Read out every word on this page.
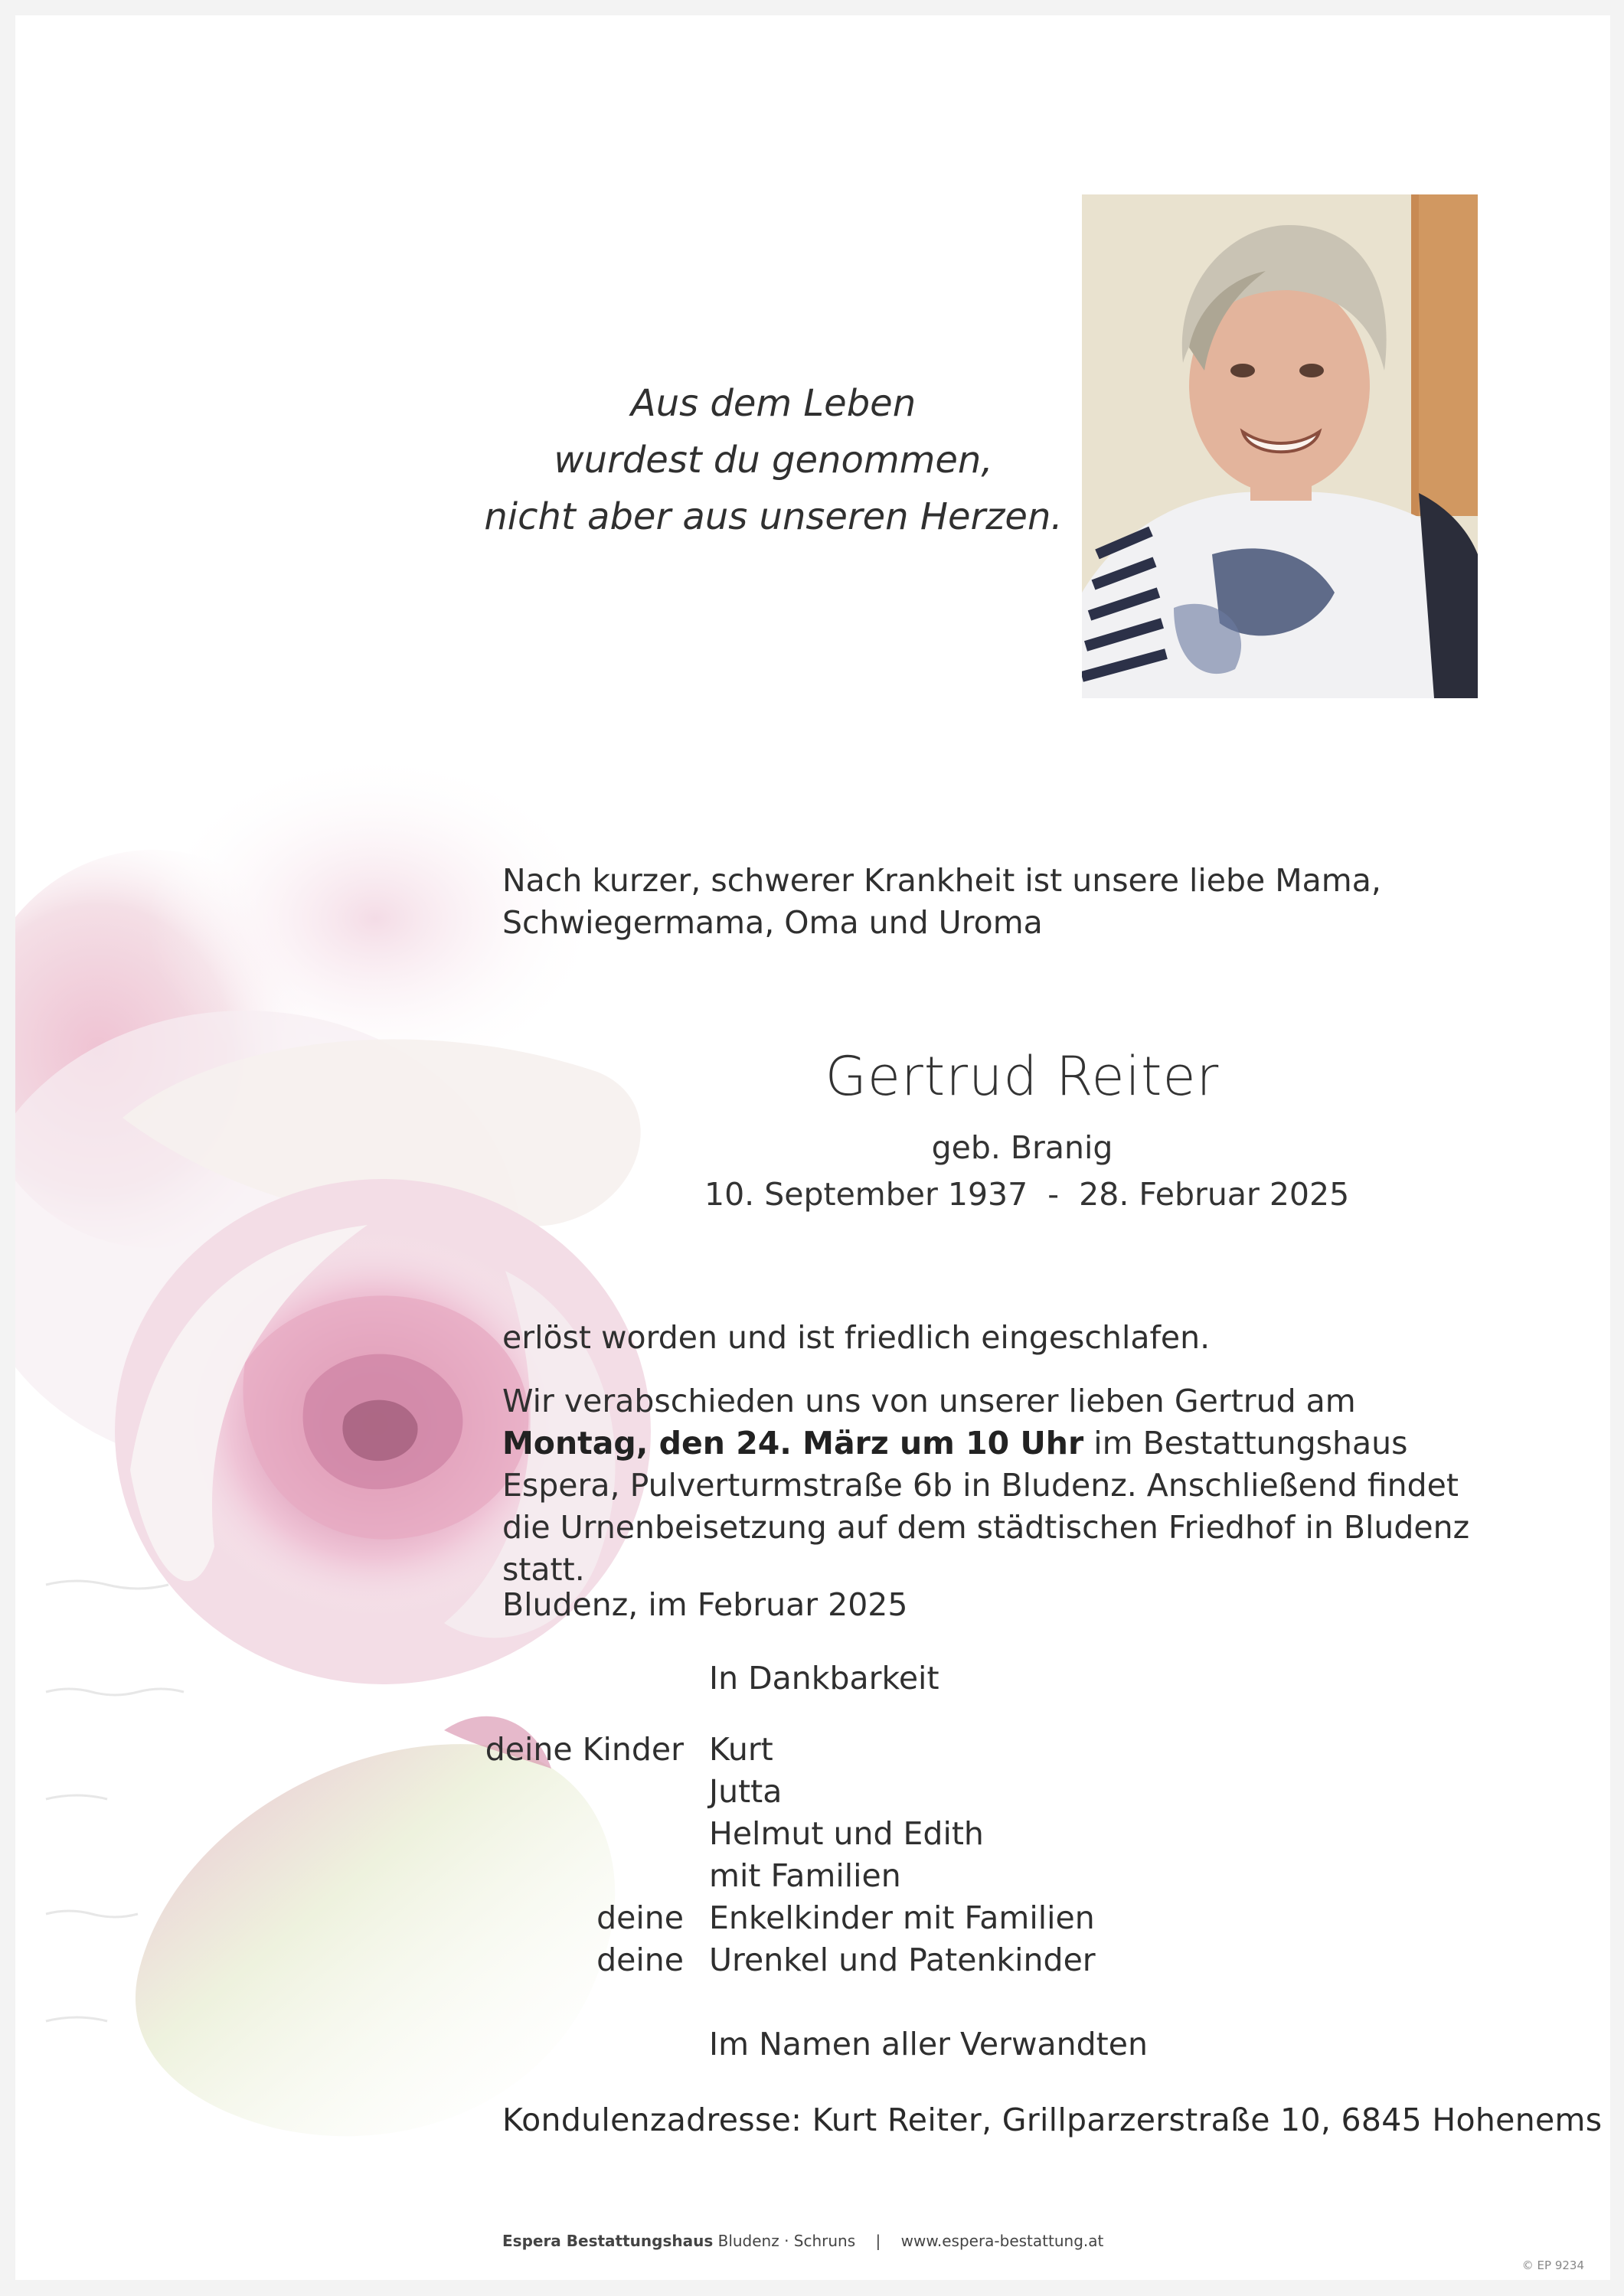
Aus dem Leben
wurdest du genommen,
nicht aber aus unseren Herzen.
Nach kurzer, schwerer Krankheit ist unsere liebe Mama, Schwiegermama, Oma und Uroma
Gertrud Reiter
geb. Branig
10. September 1937  -  28. Februar 2025
erlöst worden und ist friedlich eingeschlafen.
Wir verabschieden uns von unserer lieben Gertrud am Montag, den 24. März um 10 Uhr im Bestattungshaus Espera, Pulverturmstraße 6b in Bludenz. Anschließend findet die Urnenbeisetzung auf dem städtischen Friedhof in Bludenz statt.
Bludenz, im Februar 2025
In Dankbarkeit
deine Kinder Kurt
Jutta
Helmut und Edith
mit Familien
deine Enkelkinder mit Familien
deine Urenkel und Patenkinder
Im Namen aller Verwandten
Kondulenzadresse: Kurt Reiter, Grillparzerstraße 10, 6845 Hohenems
Espera Bestattungshaus Bludenz · Schruns | www.espera-bestattung.at
© EP 9234
